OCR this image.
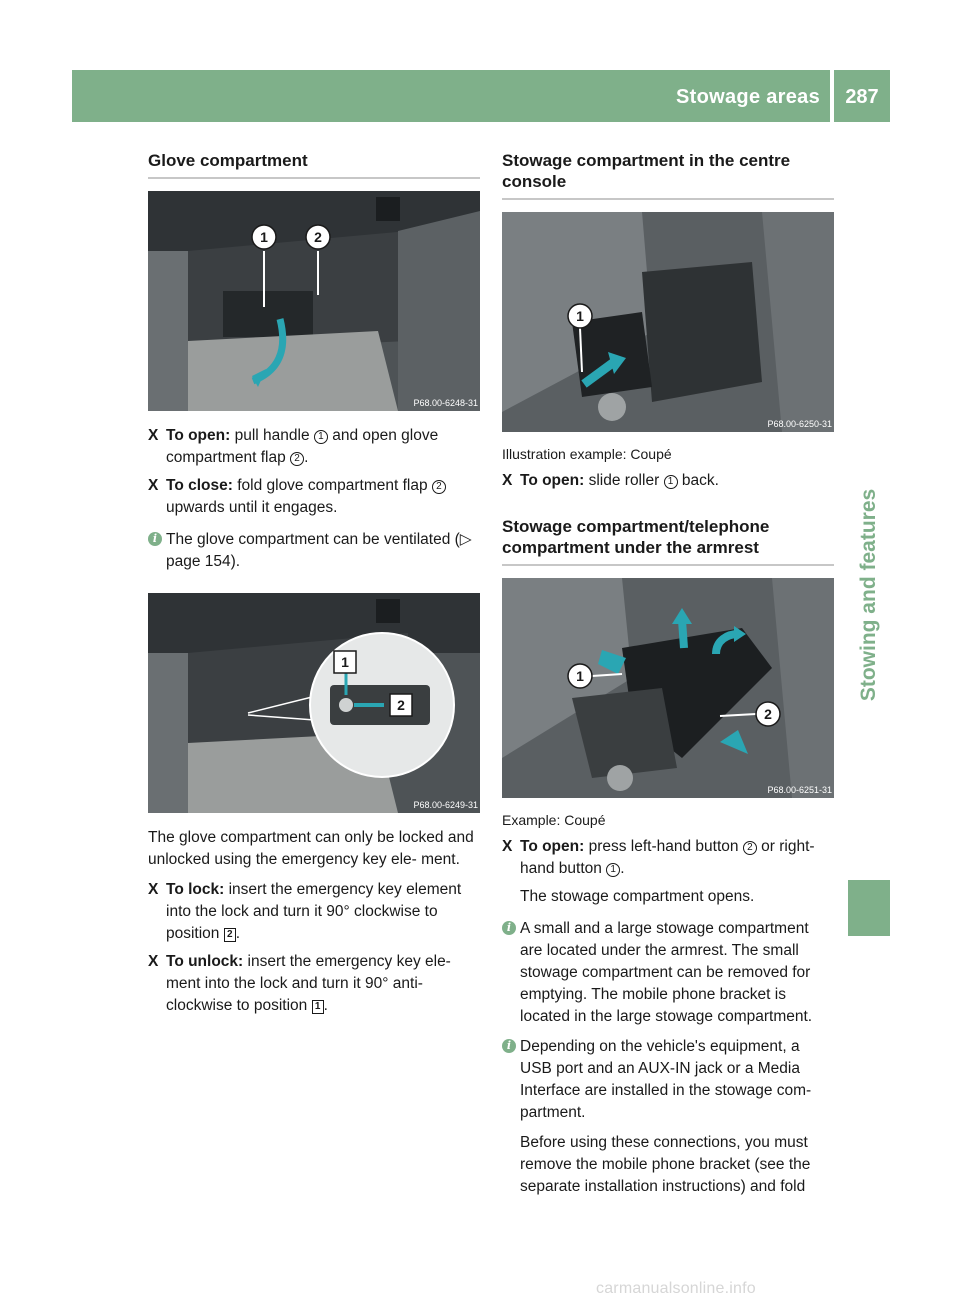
Stowage areas	287
Stowing and features
Glove compartment
1	2
P68.00-6248-31
X To open: pull handle 1 and open glove compartment flap 2 .
X To close: fold glove compartment flap 2 upwards until it engages.
i The glove compartment can be ventilated (▷ page 154).
1
2
P68.00-6249-31

The glove compartment can only be locked and unlocked using the emergency key ele- ment.

X To lock: insert the emergency key element into the lock and turn it 90° clockwise to position 2 .
X To unlock: insert the emergency key ele- ment into the lock and turn it 90° anti- clockwise to position 1 .
Stowage compartment in the centre console
1
P68.00-6250-31
Illustration example: Coupé
X To open: slide roller 1 back.
Stowage compartment/telephone compartment under the armrest
1
2
P68.00-6251-31
Example: Coupé
X To open: press left-hand button 2 or right- hand button 1 .
The stowage compartment opens.
i A small and a large stowage compartment are located under the armrest. The small stowage compartment can be removed for emptying. The mobile phone bracket is located in the large stowage compartment.
i Depending on the vehicle's equipment, a USB port and an AUX-IN jack or a Media Interface are installed in the stowage com- partment.
Before using these connections, you must remove the mobile phone bracket (see the separate installation instructions) and fold
carmanualsonline.info
